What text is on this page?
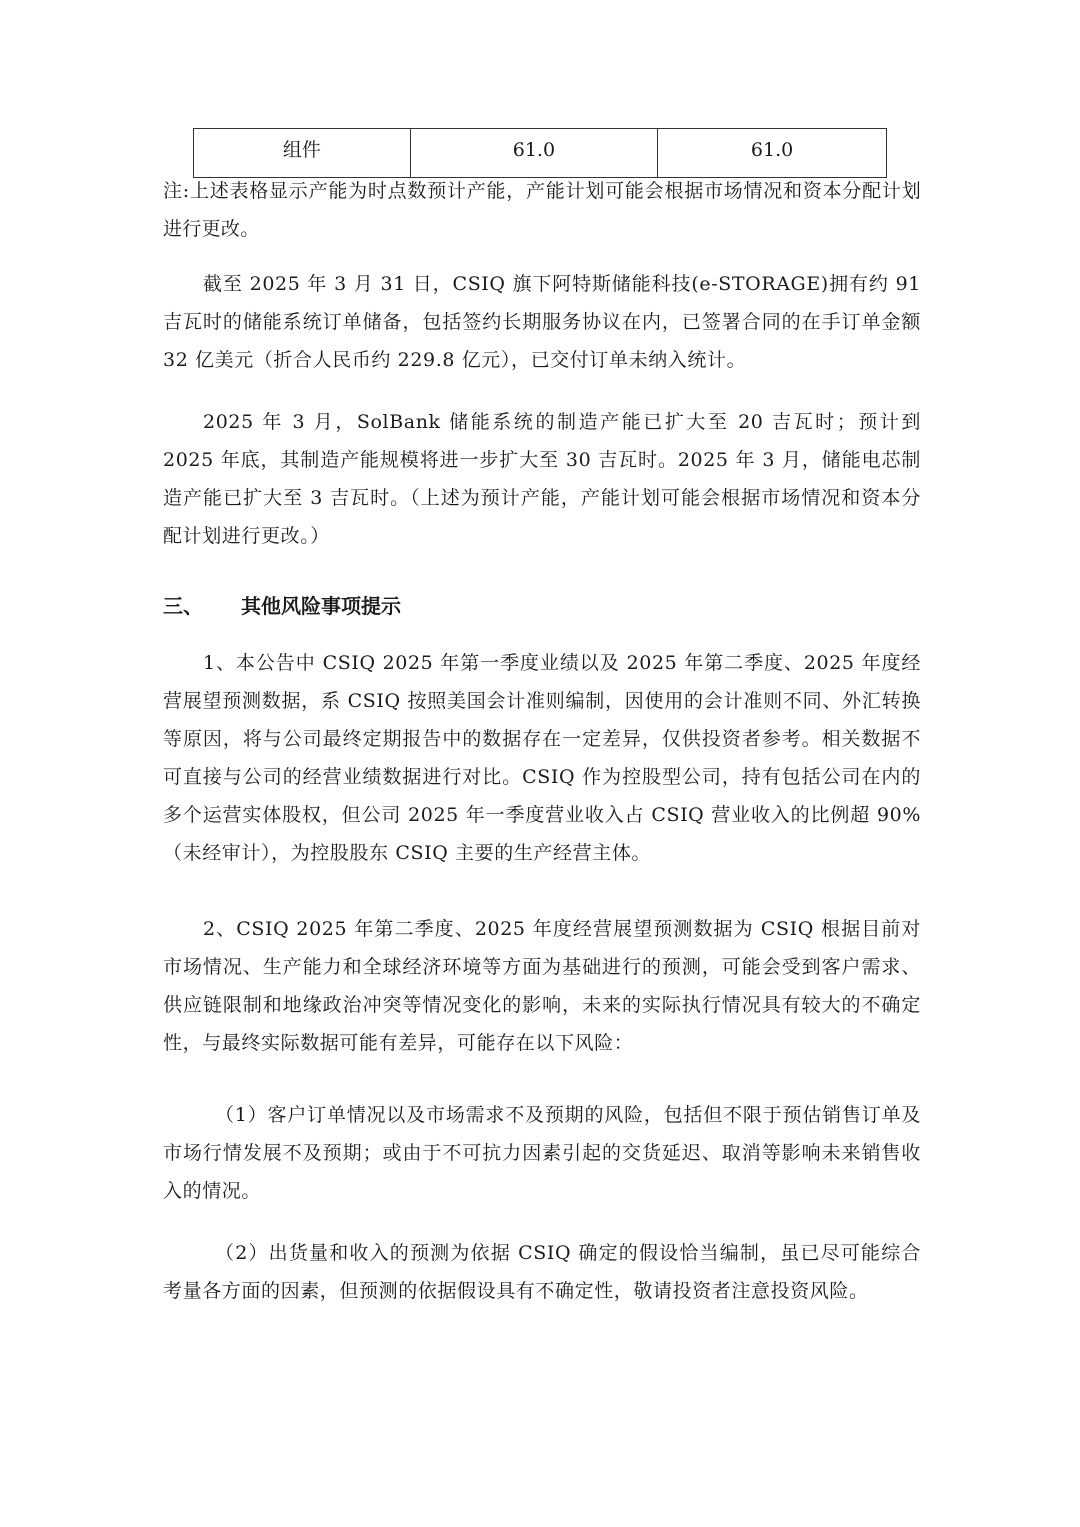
组件	61.0	61.0

注:上述表格显示产能为时点数预计产能，产能计划可能会根据市场情况和资本分配计划进行更改。

截至 2025 年 3 月 31 日，CSIQ 旗下阿特斯储能科技(e-STORAGE)拥有约 91 吉瓦时的储能系统订单储备，包括签约长期服务协议在内，已签署合同的在手订单金额 32 亿美元（折合人民币约 229.8 亿元），已交付订单未纳入统计。

2025 年 3 月，SolBank 储能系统的制造产能已扩大至 20 吉瓦时；预计到 2025 年底，其制造产能规模将进一步扩大至 30 吉瓦时。2025 年 3 月，储能电芯制造产能已扩大至 3 吉瓦时。（上述为预计产能，产能计划可能会根据市场情况和资本分配计划进行更改。）

三、 其他风险事项提示

1、本公告中 CSIQ 2025 年第一季度业绩以及 2025 年第二季度、2025 年度经营展望预测数据，系 CSIQ 按照美国会计准则编制，因使用的会计准则不同、外汇转换等原因，将与公司最终定期报告中的数据存在一定差异，仅供投资者参考。相关数据不可直接与公司的经营业绩数据进行对比。CSIQ 作为控股型公司，持有包括公司在内的多个运营实体股权，但公司 2025 年一季度营业收入占 CSIQ 营业收入的比例超 90%（未经审计），为控股股东 CSIQ 主要的生产经营主体。

2、CSIQ 2025 年第二季度、2025 年度经营展望预测数据为 CSIQ 根据目前对市场情况、生产能力和全球经济环境等方面为基础进行的预测，可能会受到客户需求、供应链限制和地缘政治冲突等情况变化的影响，未来的实际执行情况具有较大的不确定性，与最终实际数据可能有差异，可能存在以下风险：

（1）客户订单情况以及市场需求不及预期的风险，包括但不限于预估销售订单及市场行情发展不及预期；或由于不可抗力因素引起的交货延迟、取消等影响未来销售收入的情况。

（2）出货量和收入的预测为依据 CSIQ 确定的假设恰当编制，虽已尽可能综合考量各方面的因素，但预测的依据假设具有不确定性，敬请投资者注意投资风险。
